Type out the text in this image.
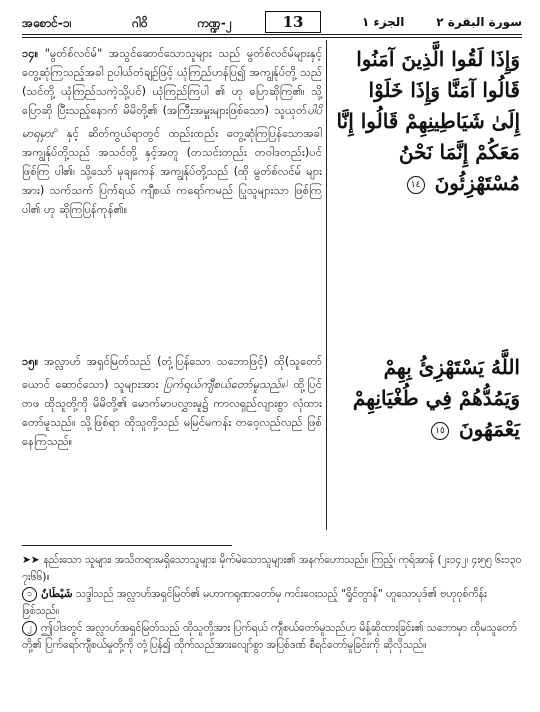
အစောင်-၁၊	ဂါ၀ိ	ကဏ္ဍ-၂	13	الجزء ١	سورة البقرة ٢

၁၄။ "မွတ်စ်လင်မ်" အသွင်ဆောင်သောသူများ သည် မွတ်စ်လင်မ်များနှင့် တွေ့ဆုံကြသည့်အခါ ဥပါယ်တံချဉ်ဖြင့် ယုံကြည်ဟန်ပြ၍ အကျွန်ုပ်တို့ သည် (သင်တို့ ယုံကြည်သကဲ့သို့ပင်) ယုံကြည်ကြပါ ၏ ဟု ပြောဆိုကြ၏၊ သို့ ပြောဆို ပြီးသည့်နောက် မိမိတို့၏ (အကြီးအမှူးများဖြစ်သော) သူယုတ်ပါပိမာရမှား$^၁$ နှင့် ဆိတ်ကွယ်ရာတွင် ထည်းထည်း တွေ့ဆုံကြပြန်သောအခါ အကျွန်ုပ်တို့သည် အသင်တို့ နှင့်အတူ (တသင်းတည်း တဝါဒတည်း)ပင် ဖြစ်ကြ ပါ၏၊ သို့သော် မုချကေန် အကျွန်ုပ်တို့သည် (ထို မွတ်စ်လင်မ် များအား) သက်သက် ပြက်ရယ် ကျီစယ် ကရော်ကမည် ပြုသူများသာ ဖြစ်ကြပါ၏ ဟု ဆိုကြပြန်ကုန်၏။

၁၅။ အလ္လာဟ် အရှင်မြတ်သည် (တုံ့ပြန်သော သဘောဖြင့်) ထို(သူတော်ယောင် ဆောင်သော) သူများအား ပြက်ရယ်ကျီစယ်တော်မူသည်။$^၂$ ထို့ပြင် တဖ ထိုသူတို့ကို မိမိတို့၏ မောက်မာပလွှားမှု၌ ကာလရှည်လျားစွာ လုံထားတော်မူသည်။ သို့ဖြစ်ရာ ထိုသူတို့သည် မမြင်မကန်း တဝေ့လည်လည် ဖြစ် နေကြသည်။

وَإِذَا لَقُوا الَّذِينَ آمَنُوا
قَالُوا آمَنَّا وَإِذَا خَلَوْا
إِلَىٰ شَيَاطِينِهِمْ قَالُوا إِنَّا
مَعَكُمْ إِنَّمَا نَحْنُ
مُسْتَهْزِئُونَ ١٤
اللَّهُ يَسْتَهْزِئُ بِهِمْ
وَيَمُدُّهُمْ فِي طُغْيَانِهِمْ
يَعْمَهُونَ ١٥

➤➤ နည်းသော သူများ၊ အသိတရားမရှိသောသူများ၊ မိုက်မဲသောသူများ၏ အနက်ဟောသည်။ ကြည့်၊ ကုရ်အာန် (၂း၁၄၂၊ ၄း၅၅ ၆း၁၃၀ ၇း၆၆)။

၁ شَيْطَانٌ သဒ္ဒါသည် အလ္လာဟ်အရှင်မြတ်၏ မဟာကရုဏာတော်မှ ကင်းဝေးသည့် "ရှိုင်တွာန်" ဟူသောပုဒ်၏ ဗဟုဝုစ်ကိန်းဖြစ်သည်။

၂ ဤပါဒတွင် အလ္လာဟ်အရှင်မြတ်သည် ထိုသူတို့အား ပြက်ရယ် ကျီစယ်တော်မူသည်ဟု မိန့်ဆိုထားခြင်း၏ သဘောမှာ ထိုမသူတော်တို့၏ ပြက်ရော်ကျီစယ်မှုတို့ကို တုံ့ပြန်၍ ထိုက်သည်အားလျော်စွာ အပြစ်ဒဏ် စီရင်တော်မူခြင်းကို ဆိုလိုသည်။
